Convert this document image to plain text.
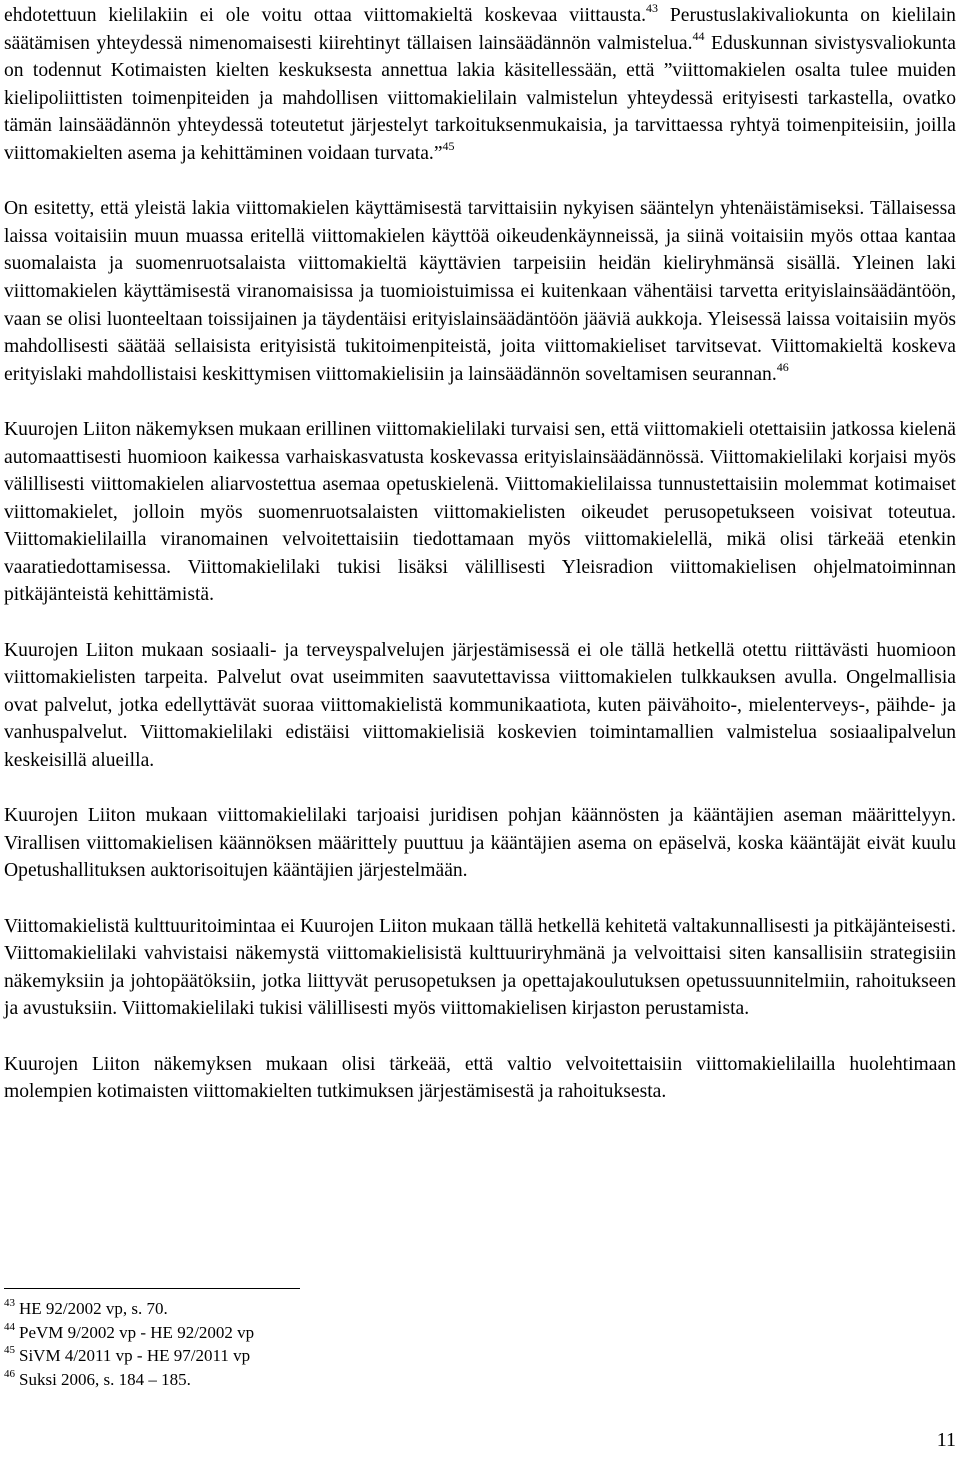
ehdotettuun kielilakiin ei ole voitu ottaa viittomakieltä koskevaa viittausta.$^{43}$ Perustuslakivaliokunta on kielilain säätämisen yhteydessä nimenomaisesti kiirehtinyt tällaisen lainsäädännön valmistelua.$^{44}$ Eduskunnan sivistysvaliokunta on todennut Kotimaisten kielten keskuksesta annettua lakia käsitellessään, että ”viittomakielen osalta tulee muiden kielipoliittisten toimenpiteiden ja mahdollisen viittomakielilain valmistelun yhteydessä erityisesti tarkastella, ovatko tämän lainsäädännön yhteydessä toteutetut järjestelyt tarkoituksenmukaisia, ja tarvittaessa ryhtyä toimenpiteisiin, joilla viittomakielten asema ja kehittäminen voidaan turvata.”$^{45}$

On esitetty, että yleistä lakia viittomakielen käyttämisestä tarvittaisiin nykyisen sääntelyn yhtenäistämiseksi. Tällaisessa laissa voitaisiin muun muassa eritellä viittomakielen käyttöä oikeudenkäynneissä, ja siinä voitaisiin myös ottaa kantaa suomalaista ja suomenruotsalaista viittomakieltä käyttävien tarpeisiin heidän kieliryhmänsä sisällä. Yleinen laki viittomakielen käyttämisestä viranomaisissa ja tuomioistuimissa ei kuitenkaan vähentäisi tarvetta erityislainsäädäntöön, vaan se olisi luonteeltaan toissijainen ja täydentäisi erityislainsäädäntöön jääviä aukkoja. Yleisessä laissa voitaisiin myös mahdollisesti säätää sellaisista erityisistä tukitoimenpiteistä, joita viittomakieliset tarvitsevat. Viittomakieltä koskeva erityislaki mahdollistaisi keskittymisen viittomakielisiin ja lainsäädännön soveltamisen seurannan.$^{46}$

Kuurojen Liiton näkemyksen mukaan erillinen viittomakielilaki turvaisi sen, että viittomakieli otettaisiin jatkossa kielenä automaattisesti huomioon kaikessa varhaiskasvatusta koskevassa erityislainsäädännössä. Viittomakielilaki korjaisi myös välillisesti viittomakielen aliarvostettua asemaa opetuskielenä. Viittomakielilaissa tunnustettaisiin molemmat kotimaiset viittomakielet, jolloin myös suomenruotsalaisten viittomakielisten oikeudet perusopetukseen voisivat toteutua. Viittomakielilailla viranomainen velvoitettaisiin tiedottamaan myös viittomakielellä, mikä olisi tärkeää etenkin vaaratiedottamisessa. Viittomakielilaki tukisi lisäksi välillisesti Yleisradion viittomakielisen ohjelmatoiminnan pitkäjänteistä kehittämistä.

Kuurojen Liiton mukaan sosiaali- ja terveyspalvelujen järjestämisessä ei ole tällä hetkellä otettu riittävästi huomioon viittomakielisten tarpeita. Palvelut ovat useimmiten saavutettavissa viittomakielen tulkkauksen avulla. Ongelmallisia ovat palvelut, jotka edellyttävät suoraa viittomakielistä kommunikaatiota, kuten päivähoito-, mielenterveys-, päihde- ja vanhuspalvelut. Viittomakielilaki edistäisi viittomakielisiä koskevien toimintamallien valmistelua sosiaalipalvelun keskeisillä alueilla.

Kuurojen Liiton mukaan viittomakielilaki tarjoaisi juridisen pohjan käännösten ja kääntäjien aseman määrittelyyn. Virallisen viittomakielisen käännöksen määrittely puuttuu ja kääntäjien asema on epäselvä, koska kääntäjät eivät kuulu Opetushallituksen auktorisoitujen kääntäjien järjestelmään.

Viittomakielistä kulttuuritoimintaa ei Kuurojen Liiton mukaan tällä hetkellä kehitetä valtakunnallisesti ja pitkäjänteisesti. Viittomakielilaki vahvistaisi näkemystä viittomakielisistä kulttuuriryhmänä ja velvoittaisi siten kansallisiin strategisiin näkemyksiin ja johtopäätöksiin, jotka liittyvät perusopetuksen ja opettajakoulutuksen opetussuunnitelmiin, rahoitukseen ja avustuksiin. Viittomakielilaki tukisi välillisesti myös viittomakielisen kirjaston perustamista.

Kuurojen Liiton näkemyksen mukaan olisi tärkeää, että valtio velvoitettaisiin viittomakielilailla huolehtimaan molempien kotimaisten viittomakielten tutkimuksen järjestämisestä ja rahoituksesta.

$^{43}$ HE 92/2002 vp, s. 70.

$^{44}$ PeVM 9/2002 vp - HE 92/2002 vp

$^{45}$ SiVM 4/2011 vp - HE 97/2011 vp

$^{46}$ Suksi 2006, s. 184 – 185.

11
